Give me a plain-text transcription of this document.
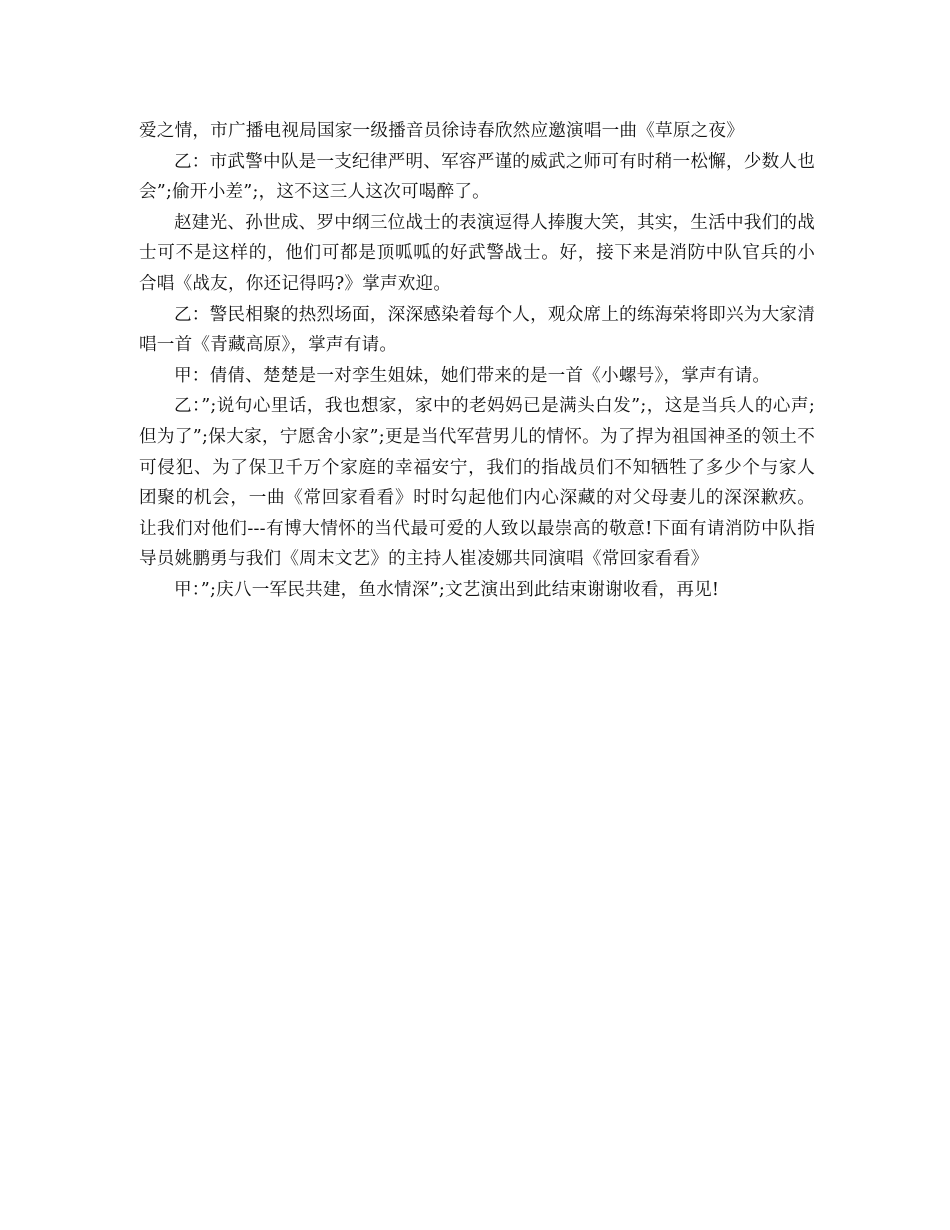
爱之情，市广播电视局国家一级播音员徐诗春欣然应邀演唱一曲《草原之夜》

乙：市武警中队是一支纪律严明、军容严谨的威武之师可有时稍一松懈，少数人也会”;偷开小差”;，这不这三人这次可喝醉了。

赵建光、孙世成、罗中纲三位战士的表演逗得人捧腹大笑，其实，生活中我们的战士可不是这样的，他们可都是顶呱呱的好武警战士。好，接下来是消防中队官兵的小合唱《战友，你还记得吗?》掌声欢迎。

乙：警民相聚的热烈场面，深深感染着每个人，观众席上的练海荣将即兴为大家清唱一首《青藏高原》，掌声有请。

甲：倩倩、楚楚是一对孪生姐妹，她们带来的是一首《小螺号》，掌声有请。

乙：”;说句心里话，我也想家，家中的老妈妈已是满头白发”;，这是当兵人的心声;但为了”;保大家，宁愿舍小家”;更是当代军营男儿的情怀。为了捍为祖国神圣的领土不可侵犯、为了保卫千万个家庭的幸福安宁，我们的指战员们不知牺牲了多少个与家人团聚的机会，一曲《常回家看看》时时勾起他们内心深藏的对父母妻儿的深深歉疚。让我们对他们---有博大情怀的当代最可爱的人致以最崇高的敬意!下面有请消防中队指导员姚鹏勇与我们《周末文艺》的主持人崔凌娜共同演唱《常回家看看》

甲：”;庆八一军民共建，鱼水情深”;文艺演出到此结束谢谢收看，再见!
